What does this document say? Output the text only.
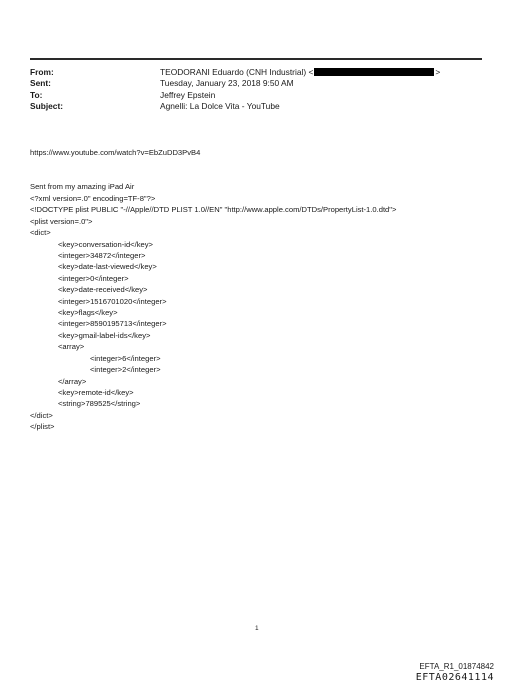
From:	TEODORANI Eduardo (CNH Industrial) <	>
Sent:	Tuesday, January 23, 2018 9:50 AM
To:	Jeffrey Epstein
Subject:	Agnelli: La Dolce Vita - YouTube
https://www.youtube.com/watch?v=EbZuDD3PvB4
Sent from my amazing iPad Air
<?xml version=.0" encoding=TF-8"?>
<!DOCTYPE plist PUBLIC "-//Apple//DTD PLIST 1.0//EN" "http://www.apple.com/DTDs/PropertyList-1.0.dtd">
<plist version=.0">
<dict>
<key>conversation-id</key>
<integer>34872</integer>
<key>date-last-viewed</key>
<integer>0</integer>
<key>date-received</key>
<integer>1516701020</integer>
<key>flags</key>
<integer>8590195713</integer>
<key>gmail-label-ids</key>
<array>
<integer>6</integer>
<integer>2</integer>
</array>
<key>remote-id</key>
<string>789525</string>
</dict>
</plist>
1
EFTA_R1_01874842
EFTA02641114
